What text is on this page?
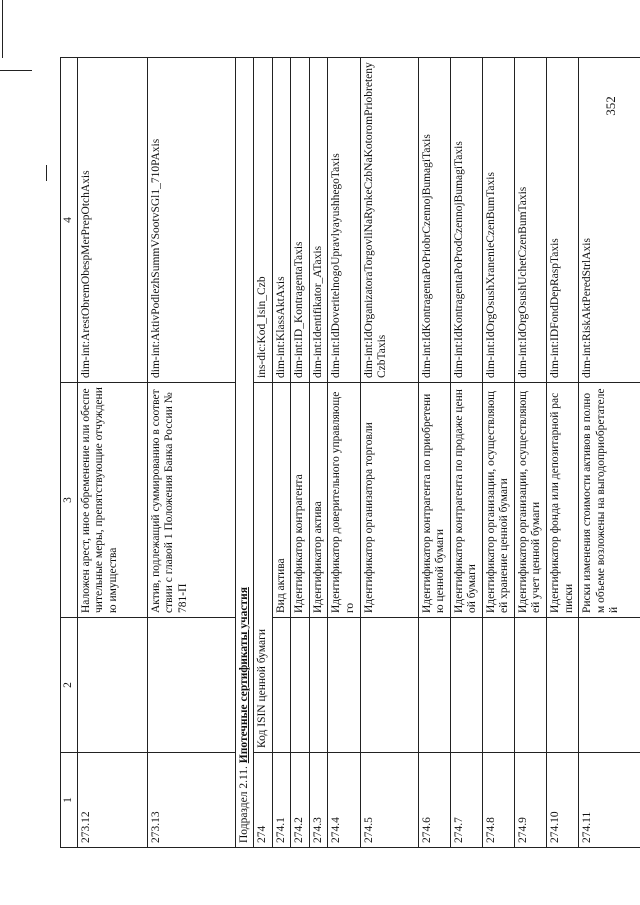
352
1	2	3	4
273.12		Наложен арест, иное обременение или обеспечительные меры, препятствующие отчуждению имущества	dim-int:ArestObremObespMerPrepOtchAxis
273.13		Актив, подлежащий суммированию в соответствии с главой 1 Положения Банка России № 781-П	dim-int:AktivPodlezhSummVSootvSGl1_710PAxis
Подраздел 2.11. Ипотечные сертификаты участия			
274	Код ISIN ценной бумаги		ins-dic:Kod_Isin_Czb
274.1		Вид актива	dim-int:KlassAktAxis
274.2		Идентификатор контрагента	dim-int:ID_KontragentaTaxis
274.3		Идентификатор актива	dim-int:Identifikator_ATaxis
274.4		Идентификатор доверительного управляющего	dim-int:IdDoveritelnogoUpravlyayushhegoTaxis
274.5		Идентификатор организатора торговли	dim-int:IdOrganizatoraTorgovliNaRynkeCzbNaKotoromPriobretenyCzbTaxis
274.6		Идентификатор контрагента по приобретению ценной бумаги	dim-int:IdKontragentaPoPriobrCzennojBumagiTaxis
274.7		Идентификатор контрагента по продаже ценной бумаги	dim-int:IdKontragentaPoProdCzennojBumagiTaxis
274.8		Идентификатор организации, осуществляющей хранение ценной бумаги	dim-int:IdOrgOsushXranenieCzenBumTaxis
274.9		Идентификатор организации, осуществляющей учет ценной бумаги	dim-int:IdOrgOsushUchetCzenBumTaxis
274.10		Идентификатор фонда или депозитарной расписки	dim-int:IDFondDepRaspTaxis
274.11		Риски изменения стоимости активов в полном объеме возложены на выгодоприобретателей	dim-int:RiskAktPeredStrlAxis
